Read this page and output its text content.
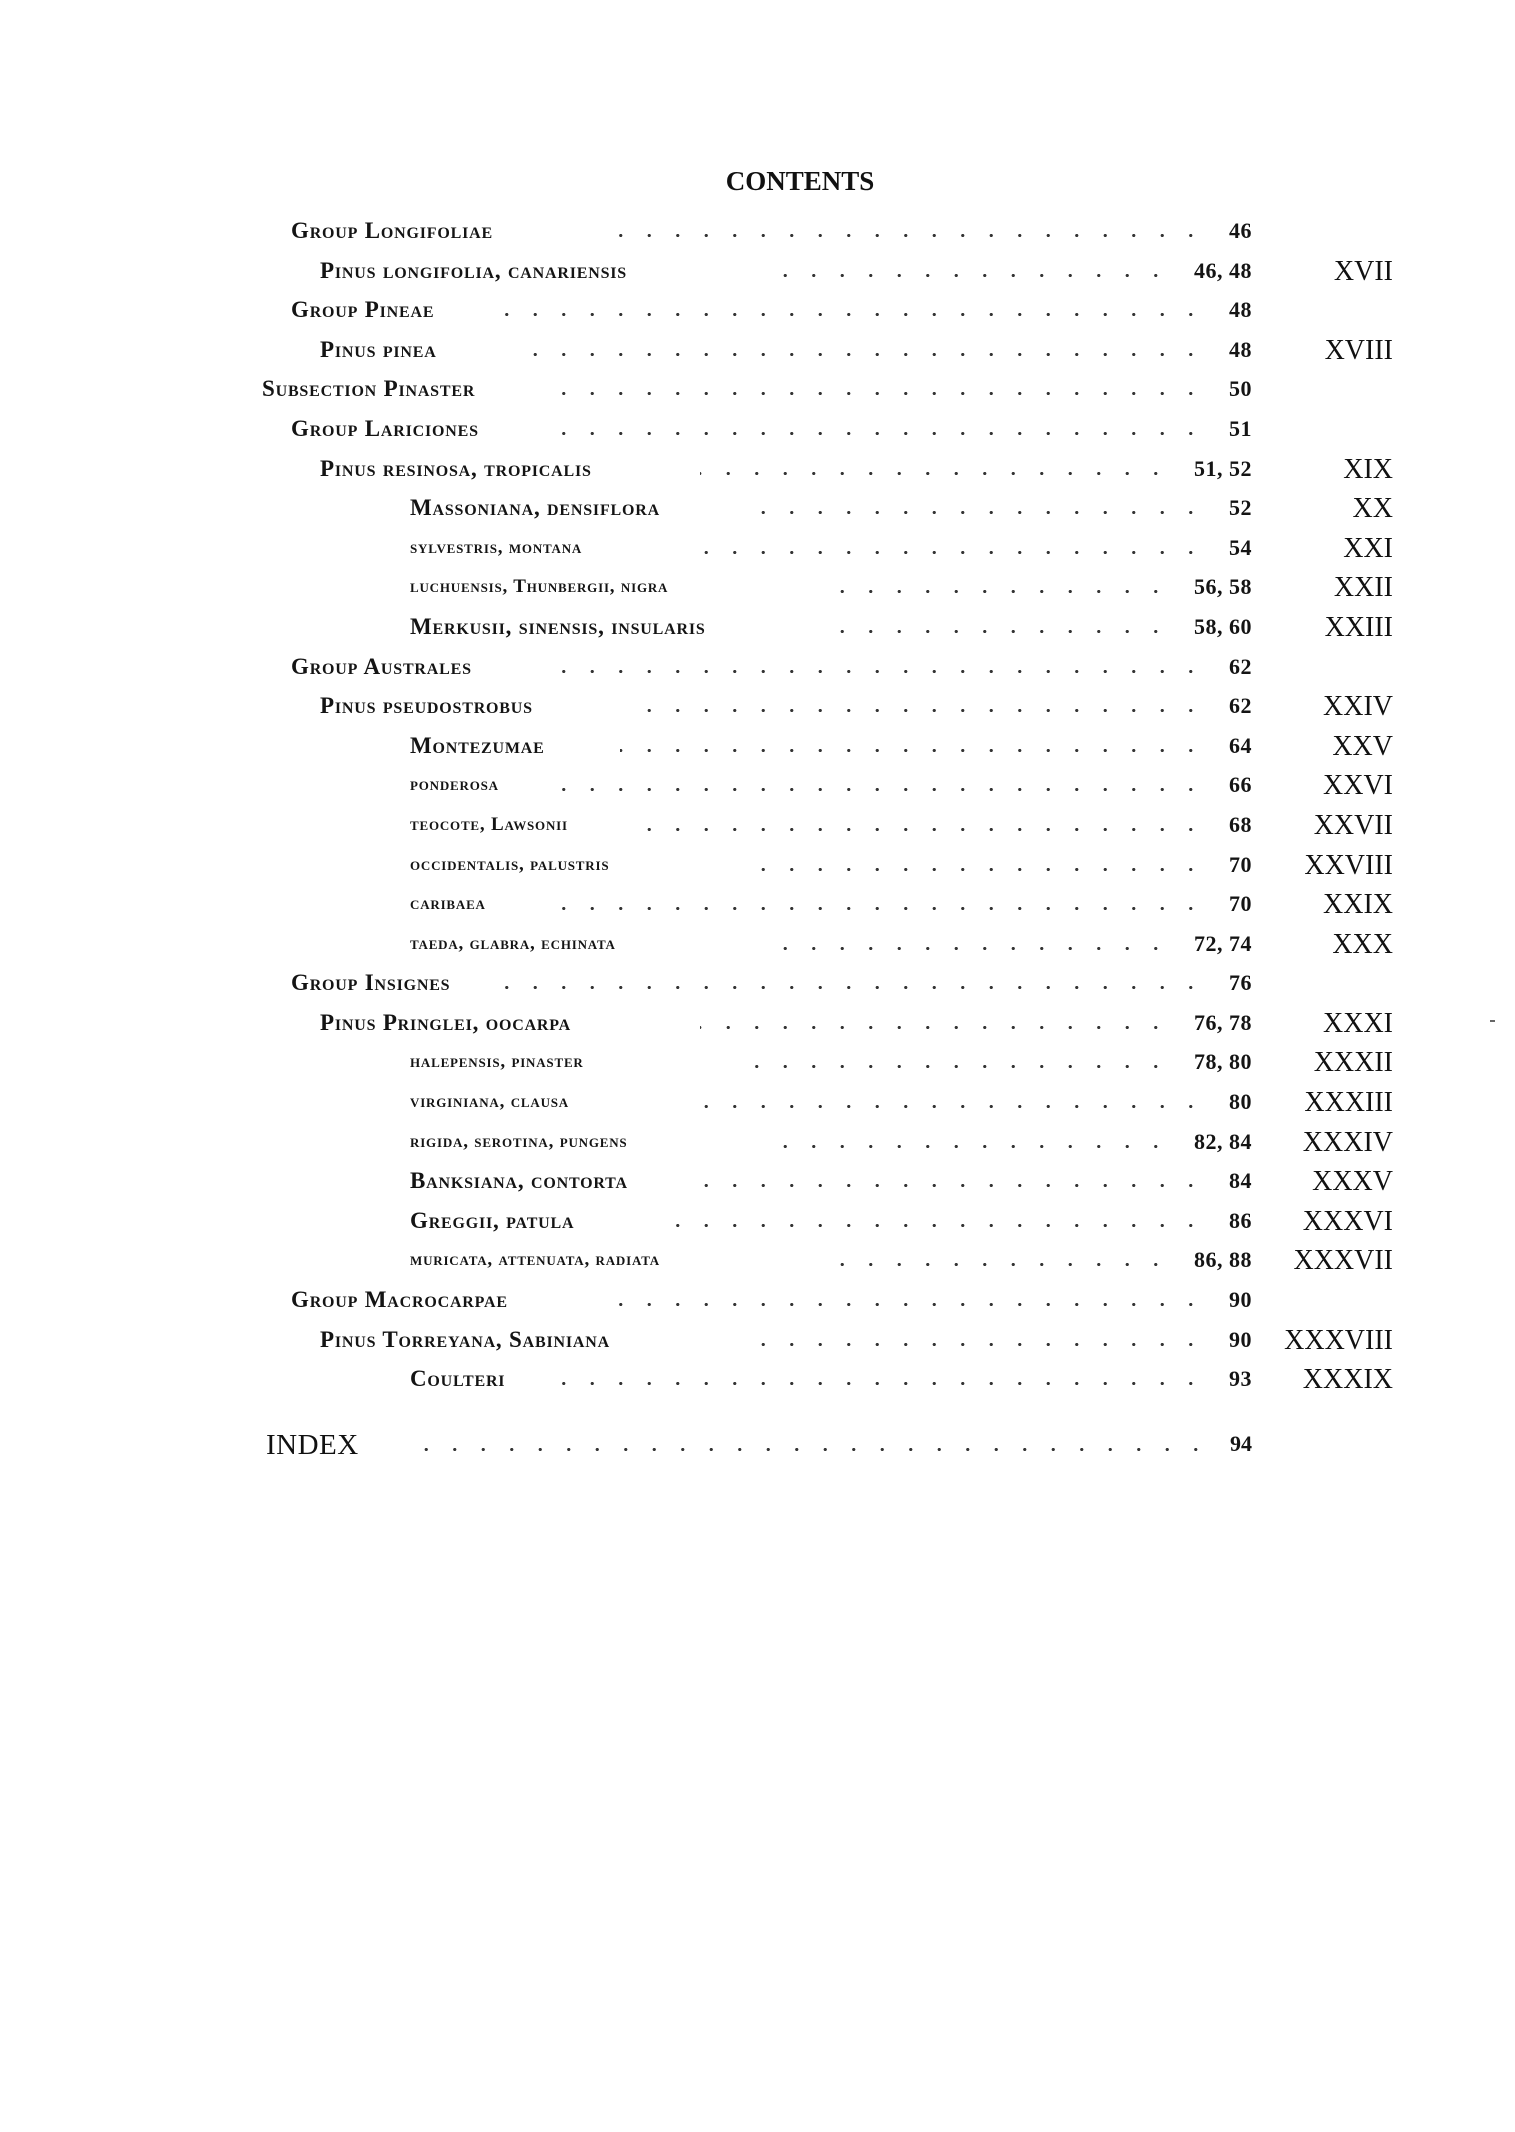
CONTENTS
Group Longifoliae	46
Pinus longifolia, canariensis	46, 48	XVII
Group Pineae	48
Pinus pinea	48	XVIII
Subsection Pinaster	50
Group Lariciones	51
Pinus resinosa, tropicalis	51, 52	XIX
Massoniana, densiflora	52	XX
sylvestris, montana	54	XXI
luchuensis, Thunbergii, nigra	56, 58	XXII
Merkusii, sinensis, insularis	58, 60	XXIII
Group Australes	62
Pinus pseudostrobus	62	XXIV
Montezumae	64	XXV
ponderosa	66	XXVI
teocote, Lawsonii	68 XXVII
occidentalis, palustris	70 XXVIII
caribaea	70	XXIX
taeda, glabra, echinata	72, 74	XXX
Group Insignes	76
Pinus Pringlei, oocarpa	76, 78	XXXI
halepensis, pinaster	78, 80 XXXII
virginiana, clausa	80 XXXIII
rigida, serotina, pungens	82, 84 XXXIV
Banksiana, contorta	84 XXXV
Greggii, patula	86 XXXVI
muricata, attenuata, radiata	86, 88 XXXVII
Group Macrocarpae	90
Pinus Torreyana, Sabiniana	90 XXXVIII
Coulteri	93 XXXIX
INDEX	94
